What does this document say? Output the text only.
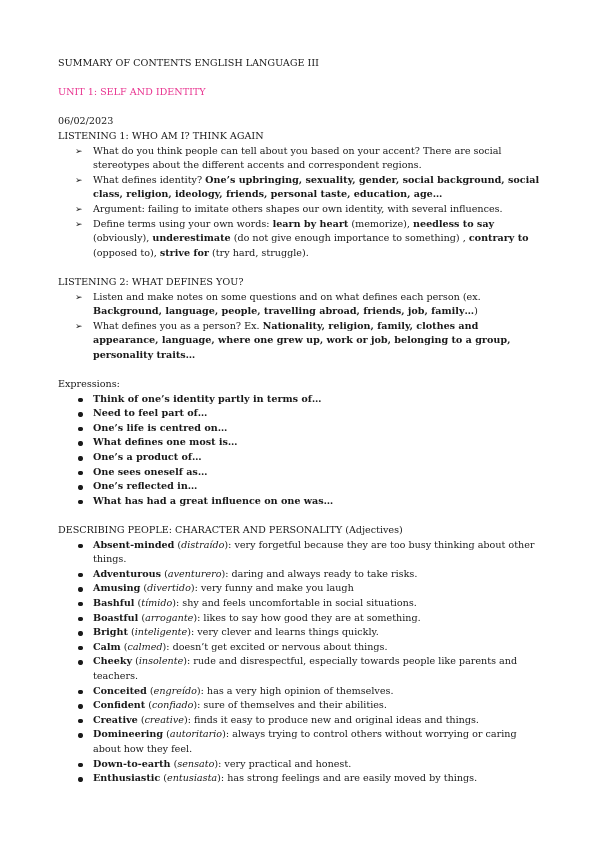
SUMMARY OF CONTENTS ENGLISH LANGUAGE III
UNIT 1: SELF AND IDENTITY
06/02/2023
LISTENING 1: WHO AM I? THINK AGAIN
➢ What do you think people can tell about you based on your accent? There are social stereotypes about the different accents and correspondent regions.
➢ What defines identity? One’s upbringing, sexuality, gender, social background, social class, religion, ideology, friends, personal taste, education, age…
➢ Argument: failing to imitate others shapes our own identity, with several influences.
➢ Define terms using your own words: learn by heart (memorize), needless to say (obviously), underestimate (do not give enough importance to something) , contrary to (opposed to), strive for (try hard, struggle).
LISTENING 2: WHAT DEFINES YOU?
➢ Listen and make notes on some questions and on what defines each person (ex. Background, language, people, travelling abroad, friends, job, family…)
➢ What defines you as a person? Ex. Nationality, religion, family, clothes and appearance, language, where one grew up, work or job, belonging to a group, personality traits…
Expressions:
Think of one’s identity partly in terms of…
Need to feel part of…
One’s life is centred on…
What defines one most is…
One’s a product of…
One sees oneself as…
One’s reflected in…
What has had a great influence on one was…
DESCRIBING PEOPLE: CHARACTER AND PERSONALITY (Adjectives)
Absent-minded (distraído): very forgetful because they are too busy thinking about other things.
Adventurous (aventurero): daring and always ready to take risks.
Amusing (divertido): very funny and make you laugh
Bashful (tímido): shy and feels uncomfortable in social situations.
Boastful (arrogante): likes to say how good they are at something.
Bright (inteligente): very clever and learns things quickly.
Calm (calmed): doesn’t get excited or nervous about things.
Cheeky (insolente): rude and disrespectful, especially towards people like parents and teachers.
Conceited (engreído): has a very high opinion of themselves.
Confident (confiado): sure of themselves and their abilities.
Creative (creative): finds it easy to produce new and original ideas and things.
Domineering (autoritario): always trying to control others without worrying or caring about how they feel.
Down-to-earth (sensato): very practical and honest.
Enthusiastic (entusiasta): has strong feelings and are easily moved by things.
